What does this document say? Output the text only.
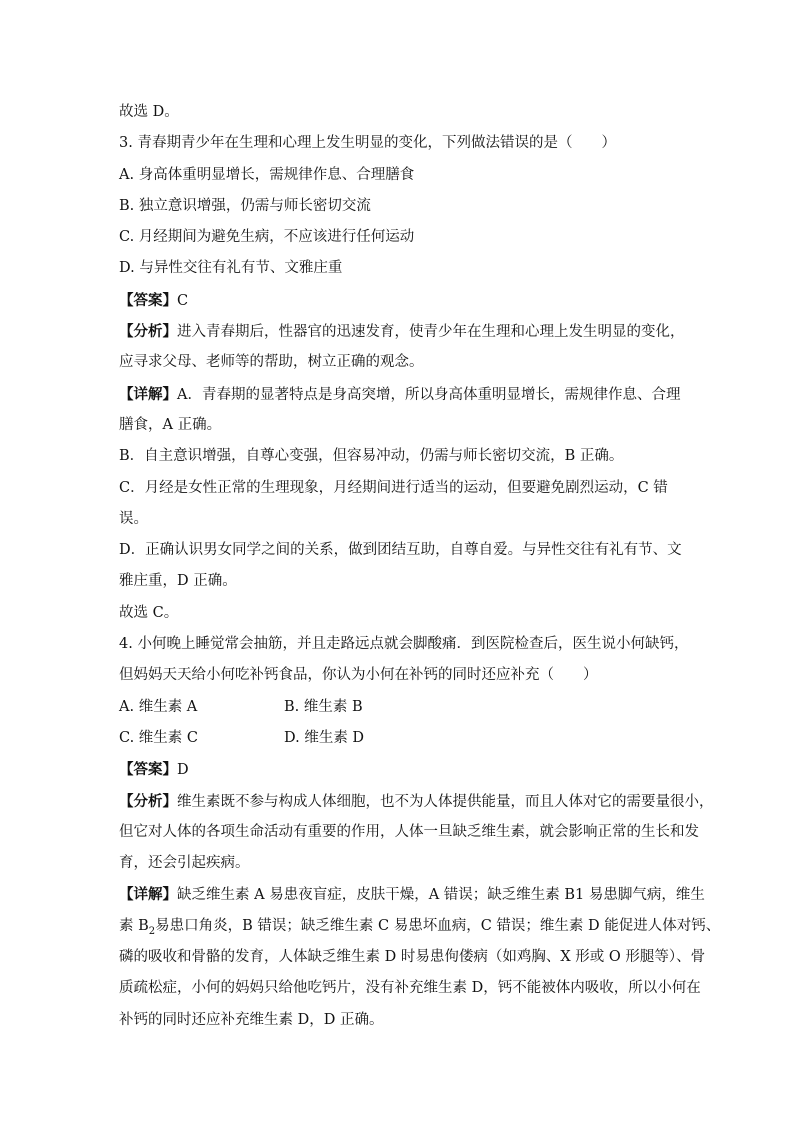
故选 D。
3. 青春期青少年在生理和心理上发生明显的变化，下列做法错误的是（　　）
A. 身高体重明显增长，需规律作息、合理膳食
B. 独立意识增强，仍需与师长密切交流
C. 月经期间为避免生病，不应该进行任何运动
D. 与异性交往有礼有节、文雅庄重
【答案】C
【分析】进入青春期后，性器官的迅速发育，使青少年在生理和心理上发生明显的变化，
应寻求父母、老师等的帮助，树立正确的观念。
【详解】A．青春期的显著特点是身高突增，所以身高体重明显增长，需规律作息、合理
膳食，A 正确。
B．自主意识增强，自尊心变强，但容易冲动，仍需与师长密切交流，B 正确。
C．月经是女性正常的生理现象，月经期间进行适当的运动，但要避免剧烈运动，C 错
误。
D．正确认识男女同学之间的关系，做到团结互助，自尊自爱。与异性交往有礼有节、文
雅庄重，D 正确。
故选 C。
4. 小何晚上睡觉常会抽筋，并且走路远点就会脚酸痛．到医院检查后，医生说小何缺钙，
但妈妈天天给小何吃补钙食品，你认为小何在补钙的同时还应补充（　　）
A. 维生素 A	B. 维生素 B
C. 维生素 C	D. 维生素 D
【答案】D
【分析】维生素既不参与构成人体细胞，也不为人体提供能量，而且人体对它的需要量很小，
但它对人体的各项生命活动有重要的作用，人体一旦缺乏维生素，就会影响正常的生长和发
育，还会引起疾病。
【详解】缺乏维生素 A 易患夜盲症，皮肤干燥，A 错误；缺乏维生素 B1 易患脚气病，维生
素 $B_2$易患口角炎，B 错误；缺乏维生素 C 易患坏血病，C 错误；维生素 D 能促进人体对钙、
磷的吸收和骨骼的发育，人体缺乏维生素 D 时易患佝偻病（如鸡胸、X 形或 O 形腿等）、骨
质疏松症，小何的妈妈只给他吃钙片，没有补充维生素 D，钙不能被体内吸收，所以小何在
补钙的同时还应补充维生素 D，D 正确。
